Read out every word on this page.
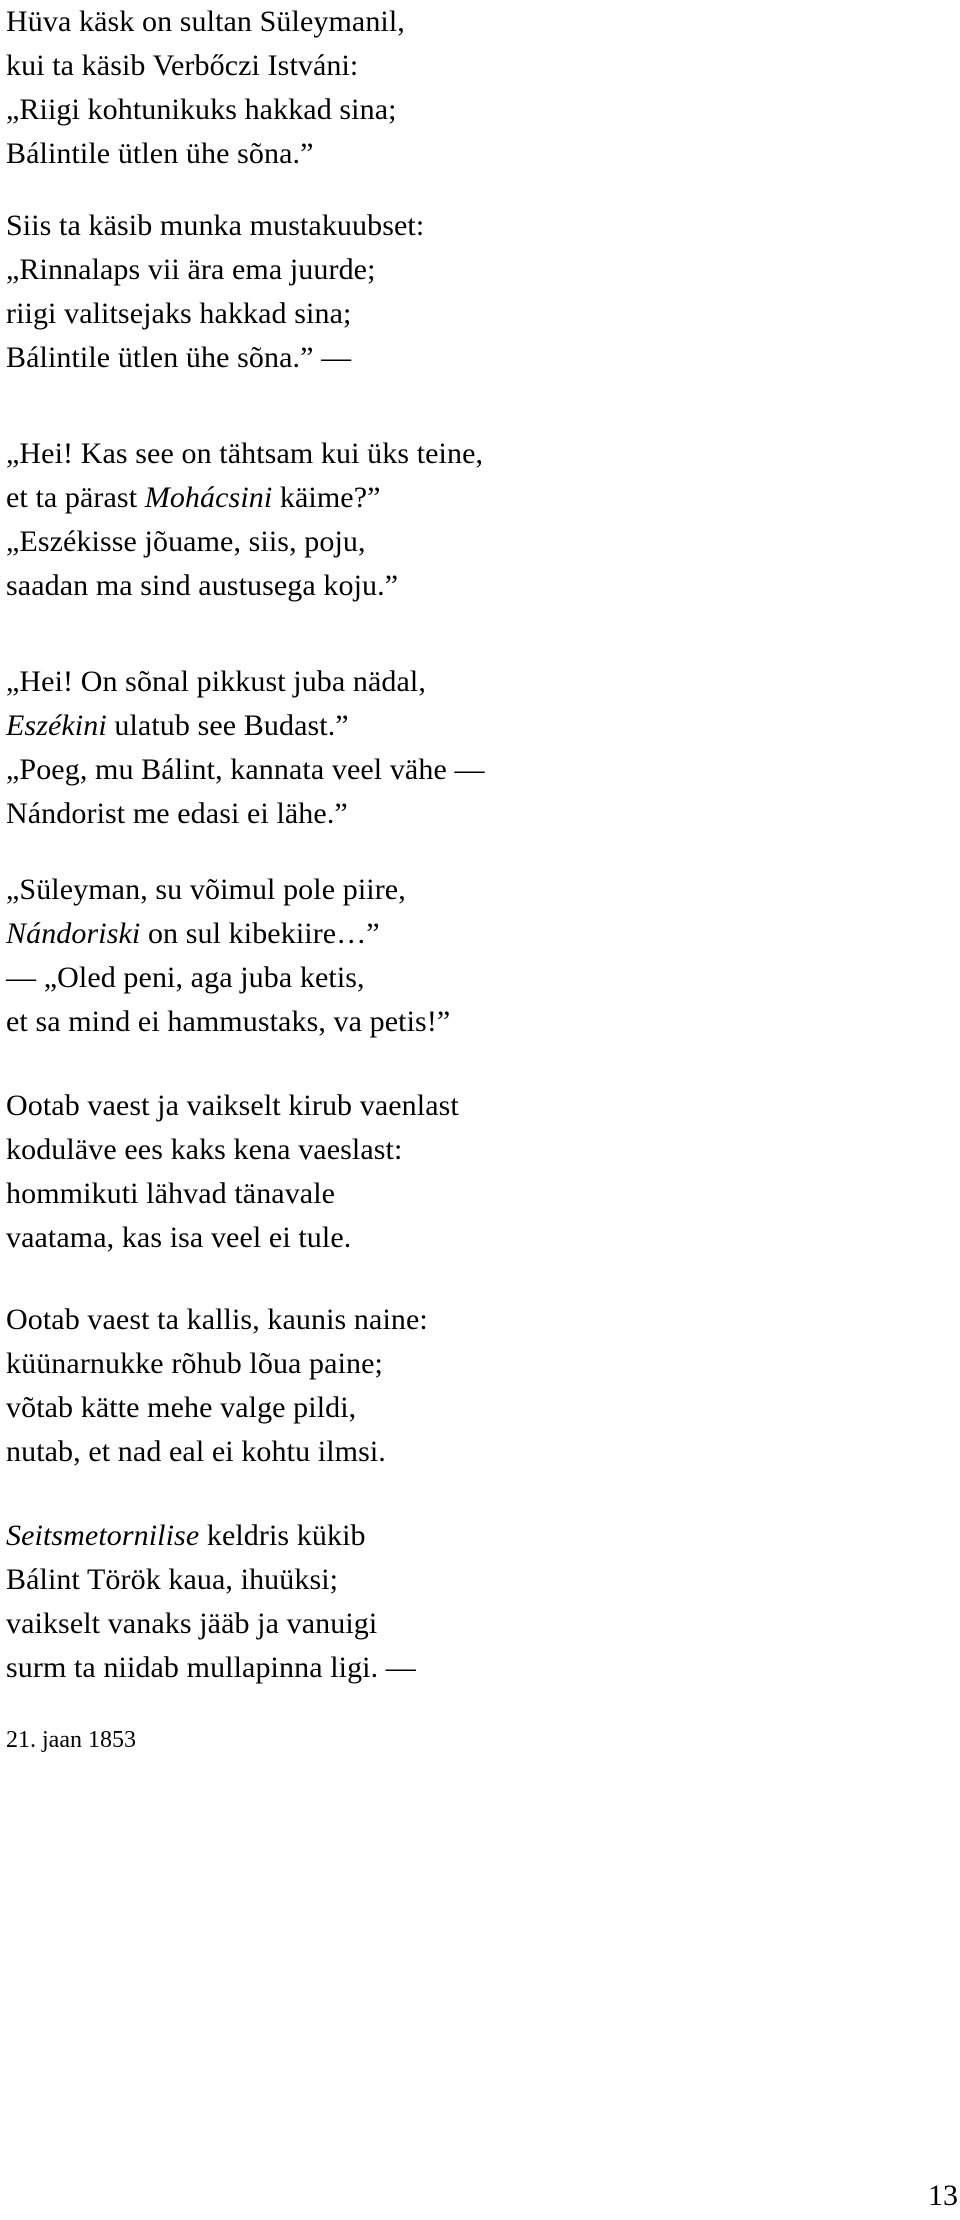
Hüva käsk on sultan Süleymanil,
kui ta käsib Verbőczi Istváni:
„Riigi kohtunikuks hakkad sina;
Bálintile ütlen ühe sõna.”
Siis ta käsib munka mustakuubset:
„Rinnalaps vii ära ema juurde;
riigi valitsejaks hakkad sina;
Bálintile ütlen ühe sõna.” —
„Hei! Kas see on tähtsam kui üks teine,
et ta pärast Mohácsini käime?”
„Eszékisse jõuame, siis, poju,
saadan ma sind austusega koju.”
„Hei! On sõnal pikkust juba nädal,
Eszékini ulatub see Budast.”
„Poeg, mu Bálint, kannata veel vähe —
Nándorist me edasi ei lähe.”
„Süleyman, su võimul pole piire,
Nándoriski on sul kibekiire…”
— „Oled peni, aga juba ketis,
et sa mind ei hammustaks, va petis!”
Ootab vaest ja vaikselt kirub vaenlast
koduläve ees kaks kena vaeslast:
hommikuti lähvad tänavale
vaatama, kas isa veel ei tule.
Ootab vaest ta kallis, kaunis naine:
küünarnukke rõhub lõua paine;
võtab kätte mehe valge pildi,
nutab, et nad eal ei kohtu ilmsi.
Seitsmetornilise keldris kükib
Bálint Török kaua, ihuüksi;
vaikselt vanaks jääb ja vanuigi
surm ta niidab mullapinna ligi. —
21. jaan 1853
13
